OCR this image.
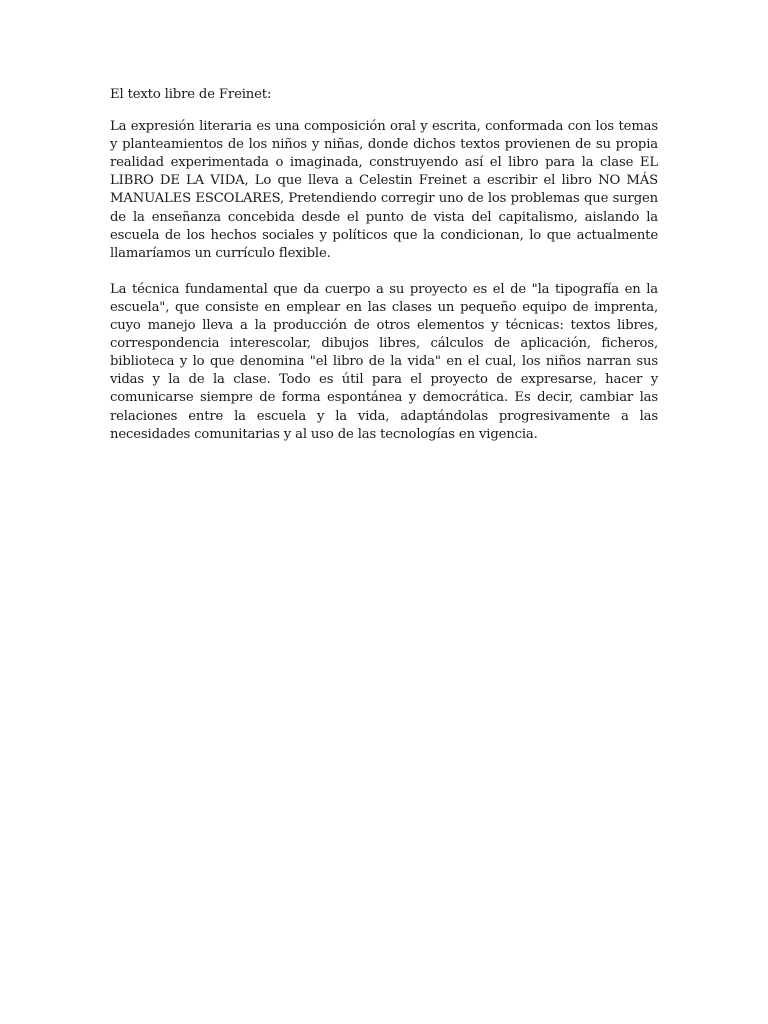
El texto libre de Freinet:

La expresión literaria es una composición oral y escrita, conformada con los temas y planteamientos de los niños y niñas, donde dichos textos provienen de su propia realidad experimentada o imaginada, construyendo así el libro para la clase EL LIBRO DE LA VIDA, Lo que lleva a Celestin Freinet a escribir el libro NO MÁS MANUALES ESCOLARES, Pretendiendo corregir uno de los problemas que surgen de la enseñanza concebida desde el punto de vista del capitalismo, aislando la escuela de los hechos sociales y políticos que la condicionan, lo que actualmente llamaríamos un currículo flexible.

La técnica fundamental que da cuerpo a su proyecto es el de "la tipografía en la escuela", que consiste en emplear en las clases un pequeño equipo de imprenta, cuyo manejo lleva a la producción de otros elementos y técnicas: textos libres, correspondencia interescolar, dibujos libres, cálculos de aplicación, ficheros, biblioteca y lo que denomina "el libro de la vida" en el cual, los niños narran sus vidas y la de la clase. Todo es útil para el proyecto de expresarse, hacer y comunicarse siempre de forma espontánea y democrática. Es decir, cambiar las relaciones entre la escuela y la vida, adaptándolas progresivamente a las necesidades comunitarias y al uso de las tecnologías en vigencia.
